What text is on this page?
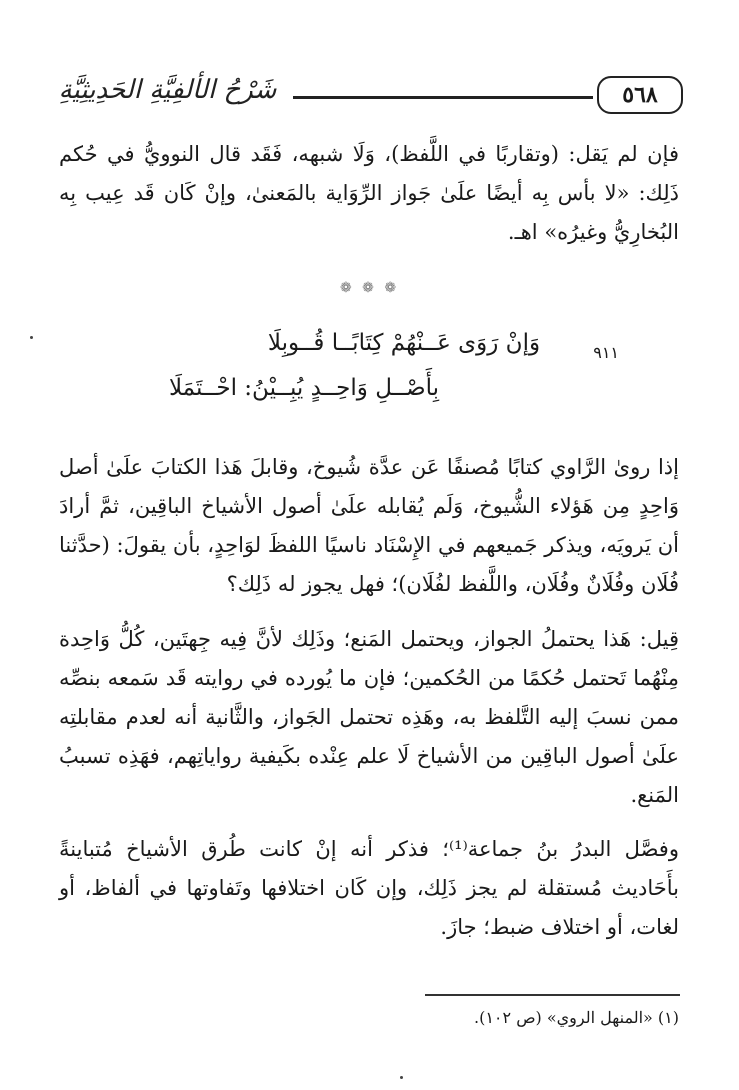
٥٦٨
شَرْحُ الألفِيَّةِ الحَدِيثِيَّةِ

فإن لم يَقل: (وتقاربًا في اللَّفظ)، وَلَا شبهه، فَقَد قال النوويُّ في حُكم ذَلِك: «لا بأس بِه أيضًا علَىٰ جَواز الرِّوَاية بالمَعنىٰ، وإنْ كَان قَد عِيب بِه البُخارِيُّ وغيرُه» اهـ.

❁ ❁ ❁
٩١١
وَإنْ رَوَى عَــنْهُمْ كِتَابًــا قُــوبِلَا
بِأَصْــلِ وَاحِــدٍ يُبِــيْنُ: احْــتَمَلَا

إذا روىٰ الرَّاوي كتابًا مُصنفًا عَن عدَّة شُيوخ، وقابلَ هَذا الكتابَ علَىٰ أصل وَاحِدٍ مِن هَؤلاء الشُّيوخ، وَلَم يُقابله علَىٰ أصول الأشياخ الباقِين، ثمَّ أرادَ أن يَرويَه، ويذكر جَميعهم في الإِسْنَاد ناسيًا اللفظَ لوَاحِدٍ، بأن يقولَ: (حدَّثنا فُلَان وفُلَانٌ وفُلَان، واللَّفظ لفُلَان)؛ فهل يجوز له ذَلِك؟

قِيل: هَذا يحتملُ الجواز، ويحتمل المَنع؛ وذَلِك لأنَّ فِيه جِهتَين، كُلُّ وَاحِدة مِنْهُما تَحتمل حُكمًا من الحُكمين؛ فإن ما يُورده في روايته قَد سَمعه بنصِّه ممن نسبَ إليه التَّلفظ به، وهَذِه تحتمل الجَواز، والثَّانية أنه لعدم مقابلتِه علَىٰ أصول الباقِين من الأشياخ لَا علم عِنْده بكَيفية رواياتِهم، فهَذِه تسببُ المَنع.

وفصَّل البدرُ بنُ جماعة⁽¹⁾؛ فذكر أنه إنْ كانت طُرق الأشياخ مُتباينةً بأَحَاديث مُستقلة لم يجز ذَلِك، وإن كَان اختلافها وتَفاوتها في ألفاظ، أو لغات، أو اختلاف ضبط؛ جازَ.

(١) «المنهل الروي» (ص ١٠٢).
